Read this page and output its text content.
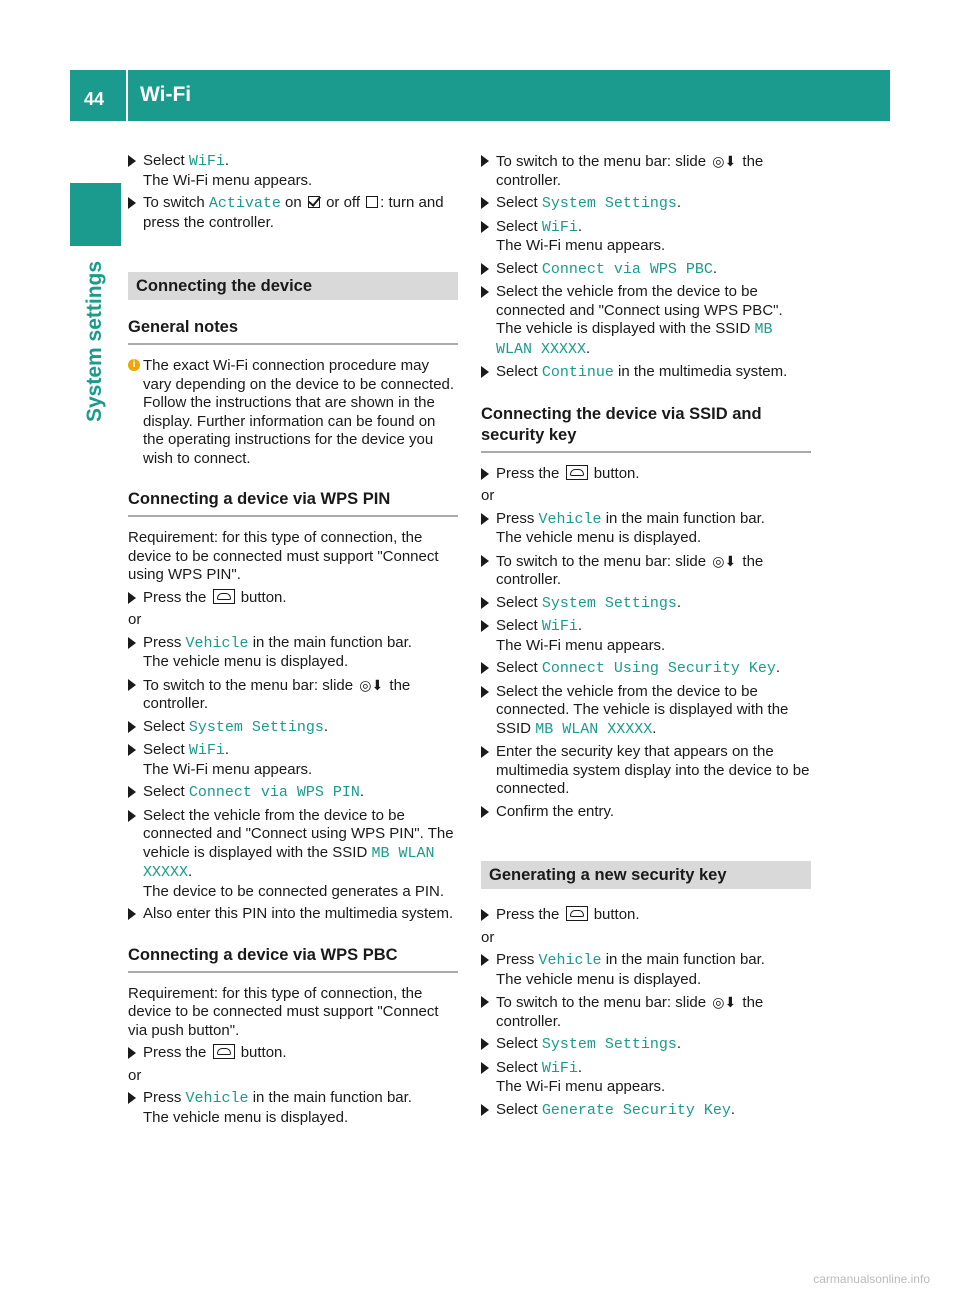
44 Wi-Fi
System settings
Select WiFi.
The Wi-Fi menu appears.
To switch Activate on  or off : turn and press the controller.
Connecting the device
General notes
i The exact Wi-Fi connection procedure may vary depending on the device to be connected. Follow the instructions that are shown in the display. Further information can be found on the operating instructions for the device you wish to connect.
Connecting a device via WPS PIN
Requirement: for this type of connection, the device to be connected must support "Connect using WPS PIN".
Press the  button.
or
Press Vehicle in the main function bar.
The vehicle menu is displayed.
To switch to the menu bar: slide ◎⬇ the controller.
Select System Settings.
Select WiFi.
The Wi-Fi menu appears.
Select Connect via WPS PIN.
Select the vehicle from the device to be connected and "Connect using WPS PIN". The vehicle is displayed with the SSID MB WLAN XXXXX.
The device to be connected generates a PIN.
Also enter this PIN into the multimedia system.
Connecting a device via WPS PBC
Requirement: for this type of connection, the device to be connected must support "Connect via push button".
Press the  button.
or
Press Vehicle in the main function bar.
The vehicle menu is displayed.
To switch to the menu bar: slide ◎⬇ the controller.
Select System Settings.
Select WiFi.
The Wi-Fi menu appears.
Select Connect via WPS PBC.
Select the vehicle from the device to be connected and "Connect using WPS PBC". The vehicle is displayed with the SSID MB WLAN XXXXX.
Select Continue in the multimedia system.
Connecting the device via SSID and security key
Press the  button.
or
Press Vehicle in the main function bar.
The vehicle menu is displayed.
To switch to the menu bar: slide ◎⬇ the controller.
Select System Settings.
Select WiFi.
The Wi-Fi menu appears.
Select Connect Using Security Key.
Select the vehicle from the device to be connected. The vehicle is displayed with the SSID MB WLAN XXXXX.
Enter the security key that appears on the multimedia system display into the device to be connected.
Confirm the entry.
Generating a new security key
Press the  button.
or
Press Vehicle in the main function bar.
The vehicle menu is displayed.
To switch to the menu bar: slide ◎⬇ the controller.
Select System Settings.
Select WiFi.
The Wi-Fi menu appears.
Select Generate Security Key.
carmanualsonline.info
